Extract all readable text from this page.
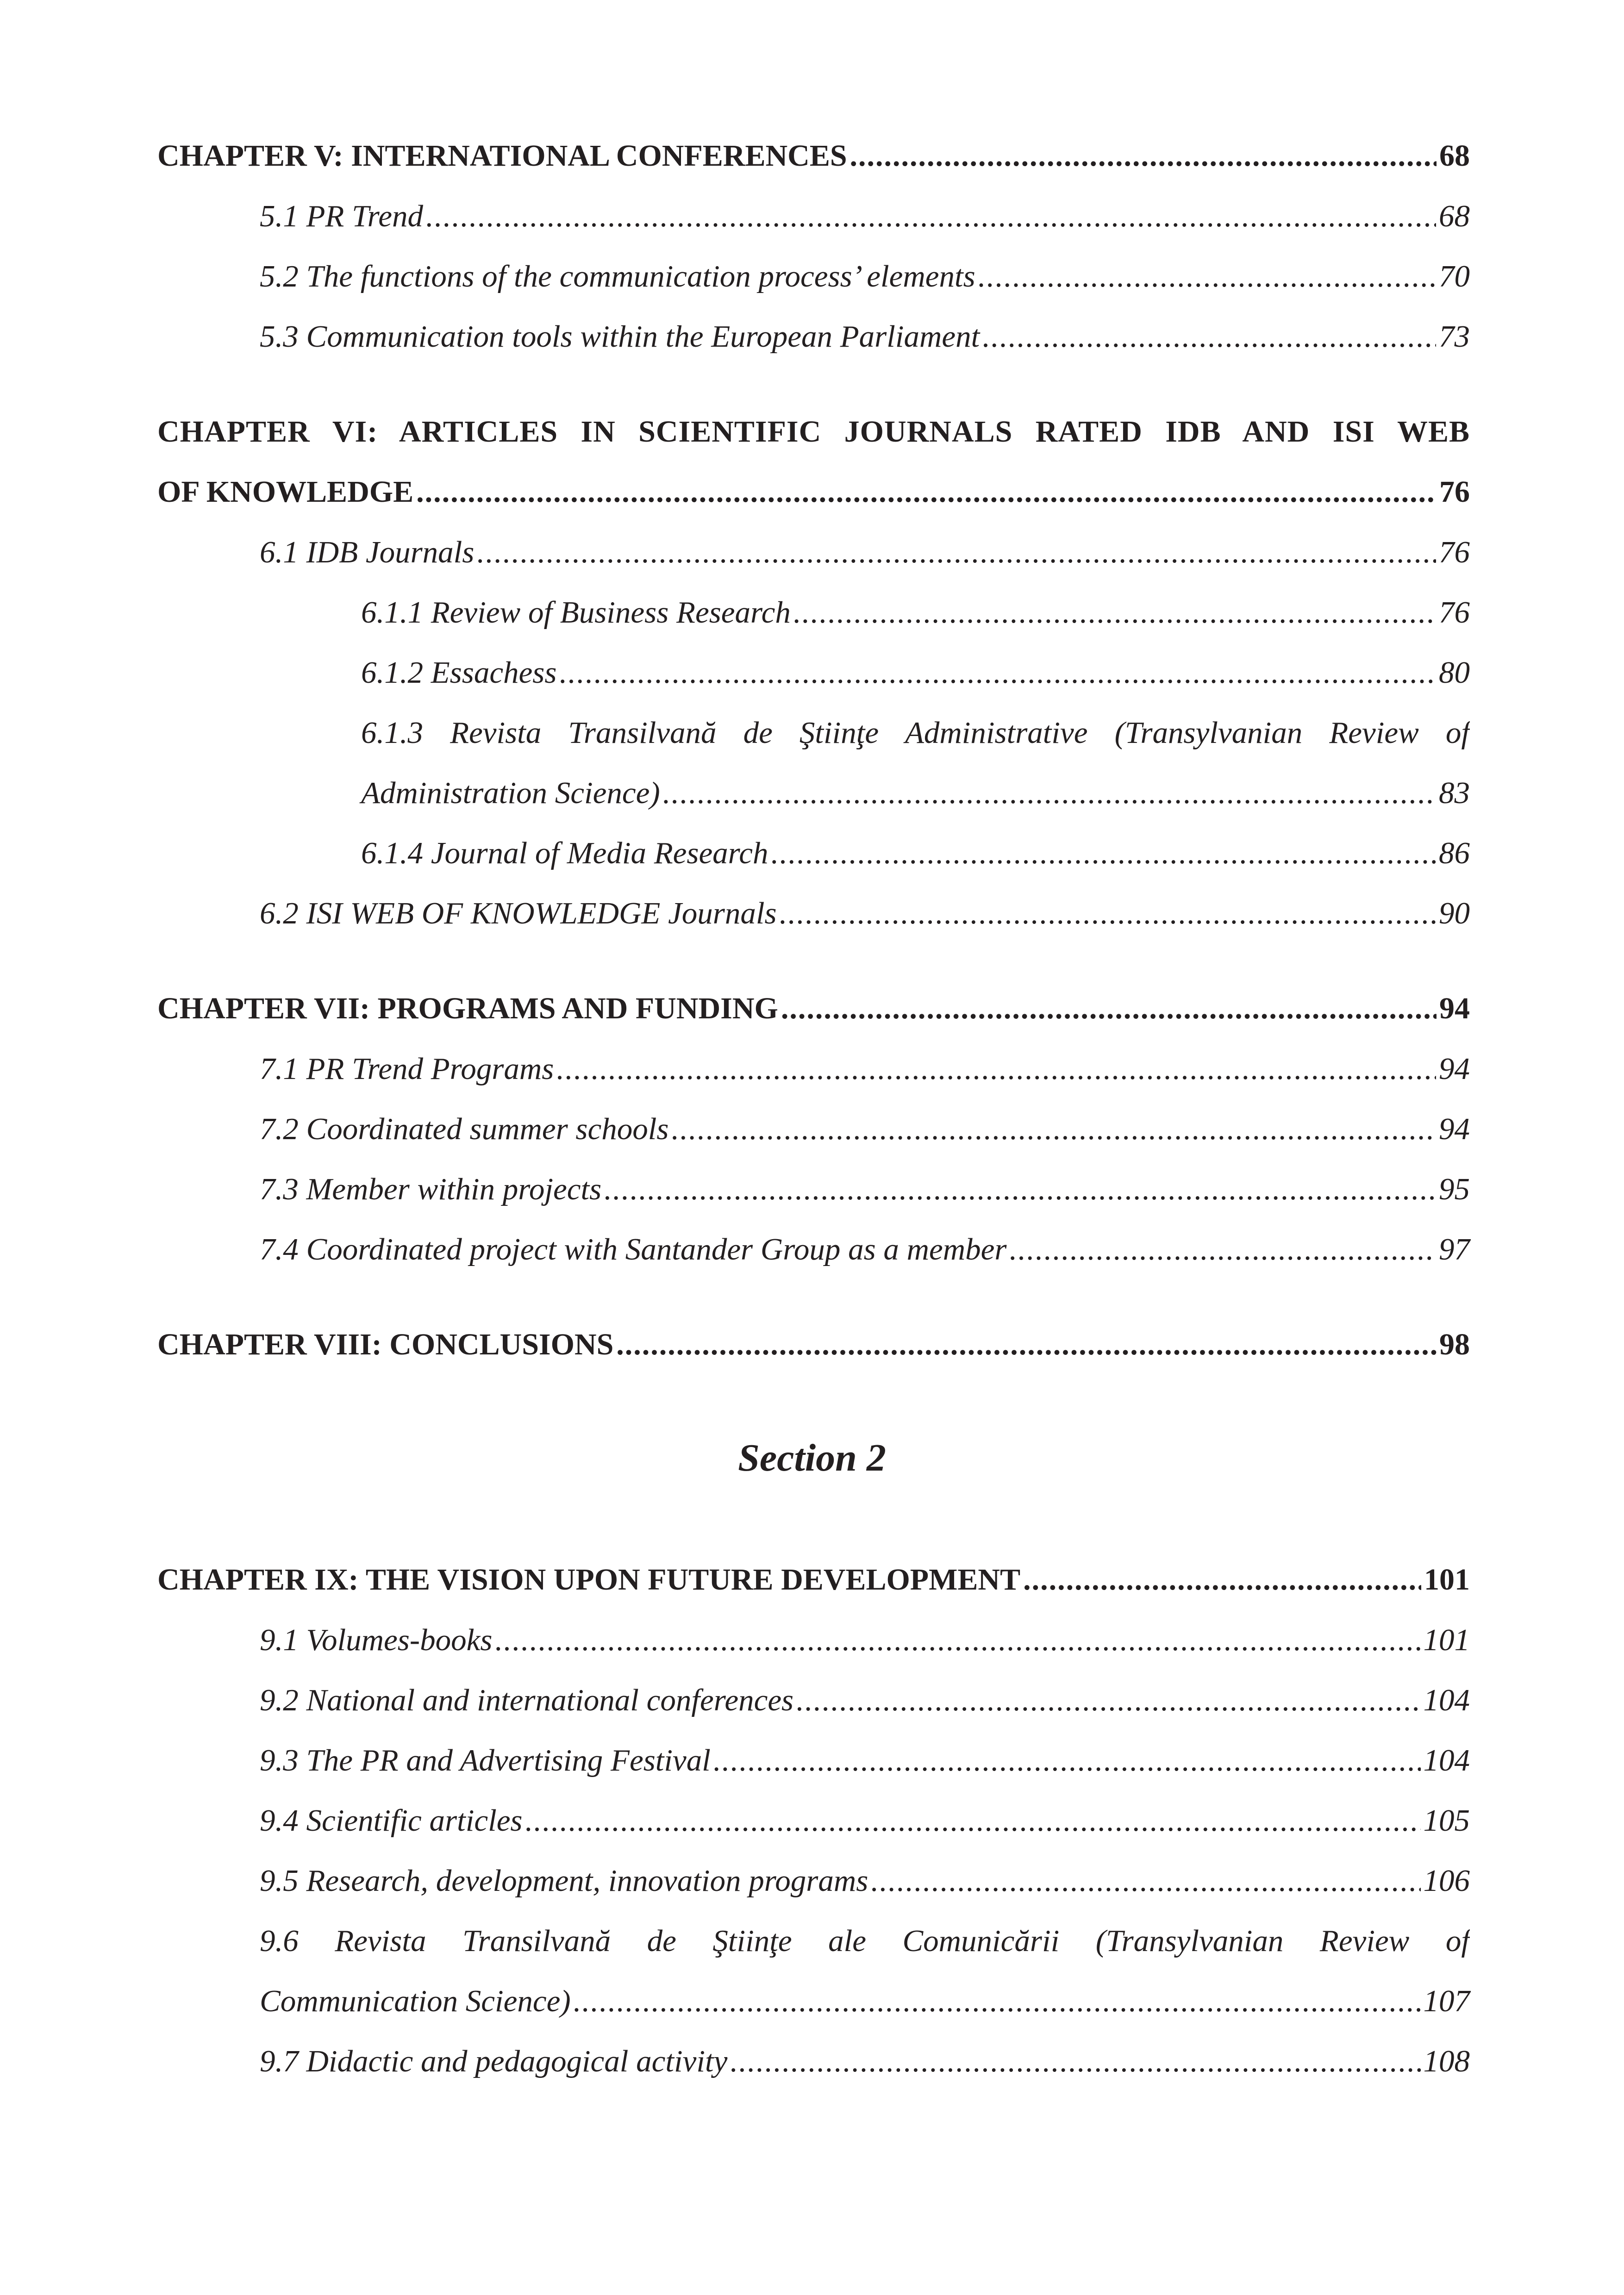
CHAPTER V: INTERNATIONAL CONFERENCES .....	68
5.1 PR Trend .....	68
5.2 The functions of the communication process’ elements .....	70
5.3 Communication tools within the European Parliament .....	73
CHAPTER VI: ARTICLES IN SCIENTIFIC JOURNALS RATED IDB AND ISI WEB
OF KNOWLEDGE .....	76
6.1 IDB Journals .....	76
6.1.1 Review of Business Research .....	76
6.1.2 Essachess .....	80
6.1.3 Revista Transilvană de Ştiinţe Administrative (Transylvanian Review of
Administration Science) .....	83
6.1.4 Journal of Media Research .....	86
6.2 ISI WEB OF KNOWLEDGE Journals .....	90
CHAPTER VII: PROGRAMS AND FUNDING .....	94
7.1 PR Trend Programs .....	94
7.2 Coordinated summer schools .....	94
7.3 Member within projects .....	95
7.4 Coordinated project with Santander Group as a member .....	97
CHAPTER VIII: CONCLUSIONS .....	98
Section 2
CHAPTER IX: THE VISION UPON FUTURE DEVELOPMENT .....	101
9.1 Volumes-books .....	101
9.2 National and international conferences .....	104
9.3 The PR and Advertising Festival .....	104
9.4 Scientific articles .....	105
9.5 Research, development, innovation programs .....	106
9.6 Revista Transilvană de Ştiinţe ale Comunicării (Transylvanian Review of
Communication Science) .....	107
9.7 Didactic and pedagogical activity .....	108
